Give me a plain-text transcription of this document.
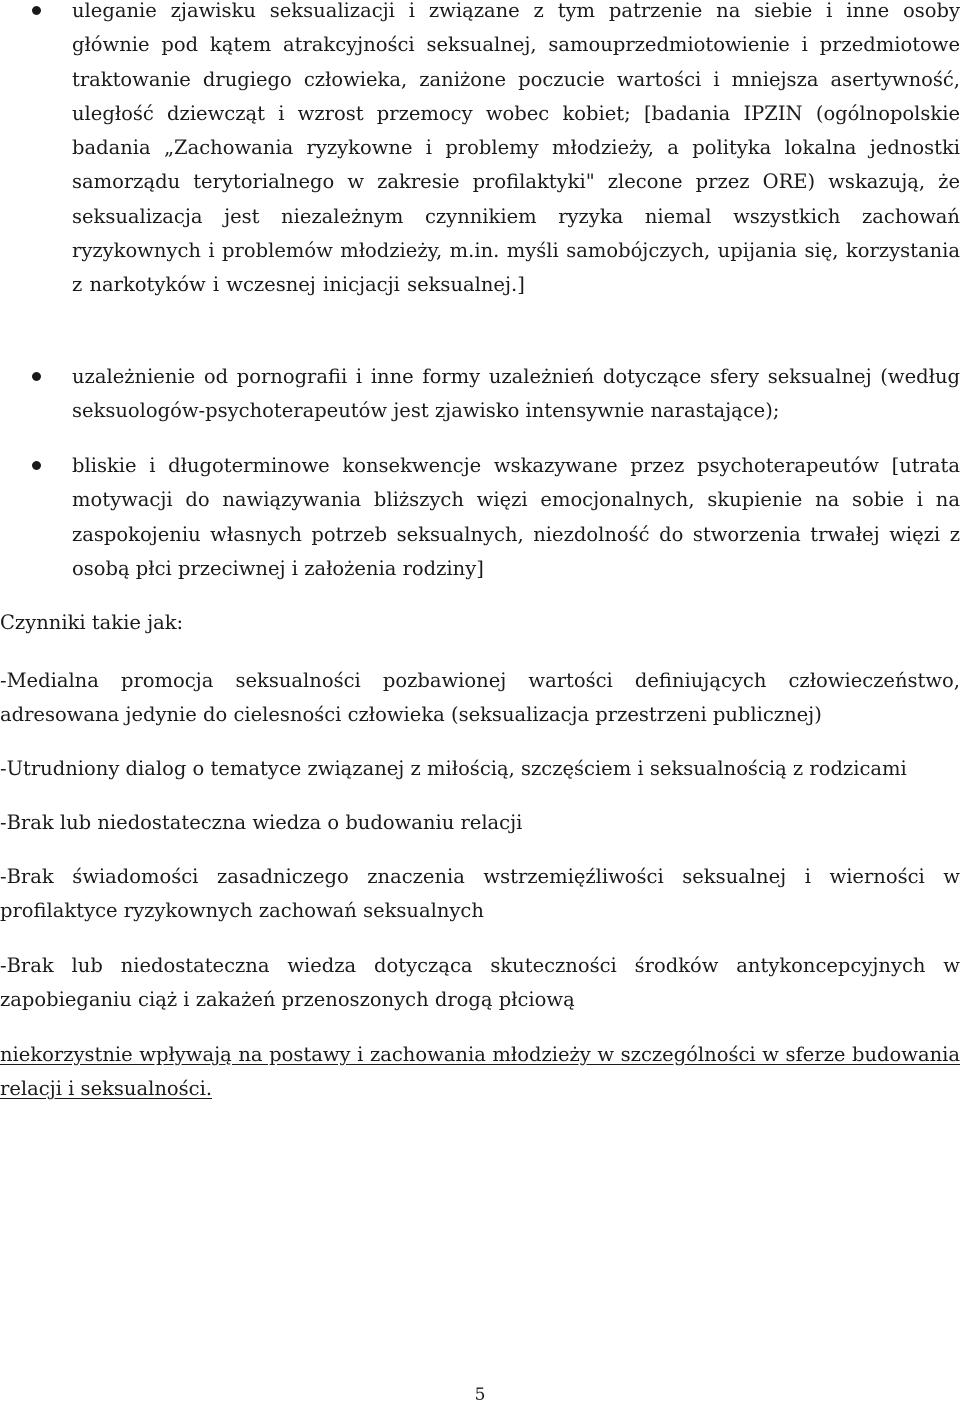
uleganie zjawisku seksualizacji i związane z tym patrzenie na siebie i inne osoby głównie pod kątem atrakcyjności seksualnej, samouprzedmiotowienie i przedmiotowe traktowanie drugiego człowieka, zaniżone poczucie wartości i mniejsza asertywność, uległość dziewcząt i wzrost przemocy wobec kobiet; [badania IPZIN (ogólnopolskie badania „Zachowania ryzykowne i problemy młodzieży, a polityka lokalna jednostki samorządu terytorialnego w zakresie profilaktyki" zlecone przez ORE) wskazują, że seksualizacja jest niezależnym czynnikiem ryzyka niemal wszystkich zachowań ryzykownych i problemów młodzieży, m.in. myśli samobójczych, upijania się, korzystania z narkotyków i wczesnej inicjacji seksualnej.]
uzależnienie od pornografii i inne formy uzależnień dotyczące sfery seksualnej (według seksuologów-psychoterapeutów jest zjawisko intensywnie narastające);
bliskie i długoterminowe konsekwencje wskazywane przez psychoterapeutów [utrata motywacji do nawiązywania bliższych więzi emocjonalnych, skupienie na sobie i na zaspokojeniu własnych potrzeb seksualnych, niezdolność do stworzenia trwałej więzi z osobą płci przeciwnej i założenia rodziny]

Czynniki takie jak:

-Medialna promocja seksualności pozbawionej wartości definiujących człowieczeństwo, adresowana jedynie do cielesności człowieka (seksualizacja przestrzeni publicznej)

-Utrudniony dialog o tematyce związanej z miłością, szczęściem i seksualnością z rodzicami

-Brak lub niedostateczna wiedza o budowaniu relacji

-Brak świadomości zasadniczego znaczenia wstrzemięźliwości seksualnej i wierności w profilaktyce ryzykownych zachowań seksualnych

-Brak lub niedostateczna wiedza dotycząca skuteczności środków antykoncepcyjnych w zapobieganiu ciąż i zakażeń przenoszonych drogą płciową

niekorzystnie wpływają na postawy i zachowania młodzieży w szczególności w sferze budowania relacji i seksualności.

5
